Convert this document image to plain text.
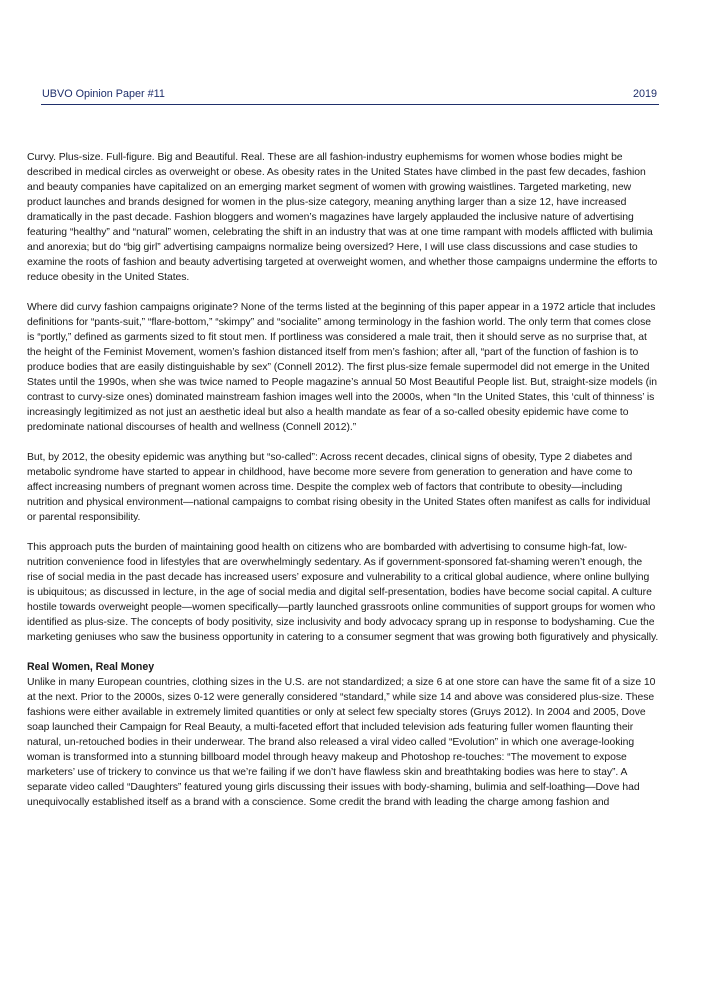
UBVO Opinion Paper #11	2019

Curvy. Plus-size. Full-figure. Big and Beautiful. Real. These are all fashion-industry euphemisms for women whose bodies might be described in medical circles as overweight or obese. As obesity rates in the United States have climbed in the past few decades, fashion and beauty companies have capitalized on an emerging market segment of women with growing waistlines. Targeted marketing, new product launches and brands designed for women in the plus-size category, meaning anything larger than a size 12, have increased dramatically in the past decade. Fashion bloggers and women’s magazines have largely applauded the inclusive nature of advertising featuring “healthy” and “natural” women, celebrating the shift in an industry that was at one time rampant with models afflicted with bulimia and anorexia; but do “big girl” advertising campaigns normalize being oversized? Here, I will use class discussions and case studies to examine the roots of fashion and beauty advertising targeted at overweight women, and whether those campaigns undermine the efforts to reduce obesity in the United States.

Where did curvy fashion campaigns originate? None of the terms listed at the beginning of this paper appear in a 1972 article that includes definitions for “pants-suit,” “flare-bottom,” “skimpy” and “socialite” among terminology in the fashion world. The only term that comes close is “portly,” defined as garments sized to fit stout men. If portliness was considered a male trait, then it should serve as no surprise that, at the height of the Feminist Movement, women’s fashion distanced itself from men’s fashion; after all, “part of the function of fashion is to produce bodies that are easily distinguishable by sex” (Connell 2012). The first plus-size female supermodel did not emerge in the United States until the 1990s, when she was twice named to People magazine’s annual 50 Most Beautiful People list. But, straight-size models (in contrast to curvy-size ones) dominated mainstream fashion images well into the 2000s, when “In the United States, this ‘cult of thinness’ is increasingly legitimized as not just an aesthetic ideal but also a health mandate as fear of a so-called obesity epidemic have come to predominate national discourses of health and wellness (Connell 2012).”

But, by 2012, the obesity epidemic was anything but “so-called”: Across recent decades, clinical signs of obesity, Type 2 diabetes and metabolic syndrome have started to appear in childhood, have become more severe from generation to generation and have come to affect increasing numbers of pregnant women across time. Despite the complex web of factors that contribute to obesity—including nutrition and physical environment—national campaigns to combat rising obesity in the United States often manifest as calls for individual or parental responsibility.

This approach puts the burden of maintaining good health on citizens who are bombarded with advertising to consume high-fat, low-nutrition convenience food in lifestyles that are overwhelmingly sedentary. As if government-sponsored fat-shaming weren’t enough, the rise of social media in the past decade has increased users’ exposure and vulnerability to a critical global audience, where online bullying is ubiquitous; as discussed in lecture, in the age of social media and digital self-presentation, bodies have become social capital. A culture hostile towards overweight people—women specifically—partly launched grassroots online communities of support groups for women who identified as plus-size. The concepts of body positivity, size inclusivity and body advocacy sprang up in response to bodyshaming. Cue the marketing geniuses who saw the business opportunity in catering to a consumer segment that was growing both figuratively and physically.

Real Women, Real Money

Unlike in many European countries, clothing sizes in the U.S. are not standardized; a size 6 at one store can have the same fit of a size 10 at the next. Prior to the 2000s, sizes 0-12 were generally considered “standard,” while size 14 and above was considered plus-size. These fashions were either available in extremely limited quantities or only at select few specialty stores (Gruys 2012). In 2004 and 2005, Dove soap launched their Campaign for Real Beauty, a multi-faceted effort that included television ads featuring fuller women flaunting their natural, un-retouched bodies in their underwear. The brand also released a viral video called “Evolution” in which one average-looking woman is transformed into a stunning billboard model through heavy makeup and Photoshop re-touches: “The movement to expose marketers’ use of trickery to convince us that we’re failing if we don’t have flawless skin and breathtaking bodies was here to stay”. A separate video called “Daughters” featured young girls discussing their issues with body-shaming, bulimia and self-loathing—Dove had unequivocally established itself as a brand with a conscience. Some credit the brand with leading the charge among fashion and
